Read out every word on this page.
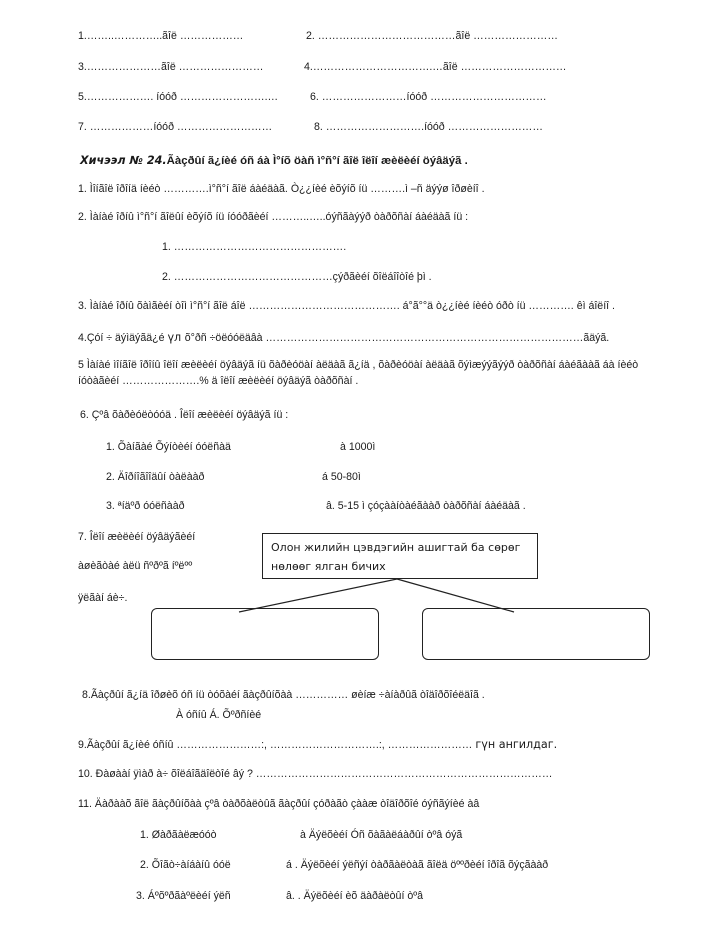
1.……..…………..ãîë ………………	2. …………………………………ãîë ……………………
3.…………………ãîë ……………………	4.…………………………….…ãîë …………………………
5.………………. íóóð …………………….…	6. ……………………íóóð ……………………………
7. ………………íóóð ………………………	8. ……………………….íóóð ………………………
Хичээл № 24.Ãàçðûí ã¿íèé óñ áà Ì°íõ öàñ ì°ñ°í ãîë îëîí æèëèéí öýâäýã .
1. Ìîíãîë îðîíä íèéò ………….ì°ñ°í ãîë áàéäàã. Ò¿¿íèé èõýíõ íü ……….ì –ñ äýýø îðøèíî .
2. Ìàíàé îðíû ì°ñ°í ãîëûí èõýíõ íü íóóðãèéí ………..…..óýñãàýýð òàðõñàí áàéäàã íü :
1. ………………………………………….
2. ………………………………………çýðãèéí õîëáîîòîé þì .
3. Ìàíàé îðíû õàìãèéí òîì ì°ñ°í ãîë áîë ……………………………………. á°ã°°ä ò¿¿íèé íèéò óðò íü …………. êì áîëíî .
4.Çóí ÷ äýìäýãä¿é үл õ°ðñ ÷öëóóëäâà ………………………………………………………………………………ãäýã.
5 Ìàíàé ìîíãîë îðîíû îëîí æèëèéí öýâäýã íü õàðèóöàí àëäàã ã¿íä , õàðèóöàí àëäàã õýìæýýãýýð òàðõñàí áàéãààã áà íèéò íóòàãèéí ………………….% ä îëîí æèëèéí öýâäýã òàðõñàí .
6. Çºâ õàðèóëòóóä . Îëîí æèëèéí öýâäýã íü :
1. Õàíãàé Õýíòèéí óóëñàä	à 1000ì
2. Äîðíîãîîäûí òàëààð	á 50-80ì
3. ªíäºð óóëñààð	â. 5-15 ì çóçààíòàéãààð òàðõñàí áàéäàã .
7. Îëîí æèëèéí öýâäýãèéí
àøèãòàé àëü ñºðºã íºëºº
ÿëãàí áè÷.
Олон жилийн цэвдэгийн ашигтай ба сөрөг
нөлөөг ялган бичих
8.Ãàçðûí ã¿íä îðøèõ óñ íü òóõàéí ãàçðûíõàà …………… øèíæ ÷àíàðûã òîäîðõîéëäîã .
À óñíû Á. Õºðñíèé
9.Ãàçðûí ã¿íèé óñíû ……………………:, ………………………….:, …………………… гүн ангилдаг.
10. Ðàøààí ÿìàð à÷ õîëáîãäîëòîé âý ? …………………………………………………………………………
11. Äàðààõ ãîë ãàçðûíõàà çºâ òàðõàëòûã ãàçðûí çóðàãò çààæ òîäîðõîé óýñãýíèé àâ
1. Øàðãàëæóóò	à Äýëõèéí Óñ õàãàëáàðûí òºâ óýã
2. Õîãò÷àíáàíû óóë	á . Äýëõèéí ýëñýí òàðãàëòàã ãîëä öººðèéí îðîã õýçãààð
3. Áºõºðãàºëèéí ýëñ	â. . Äýëõèéí èõ äàðàëòûí òºâ
